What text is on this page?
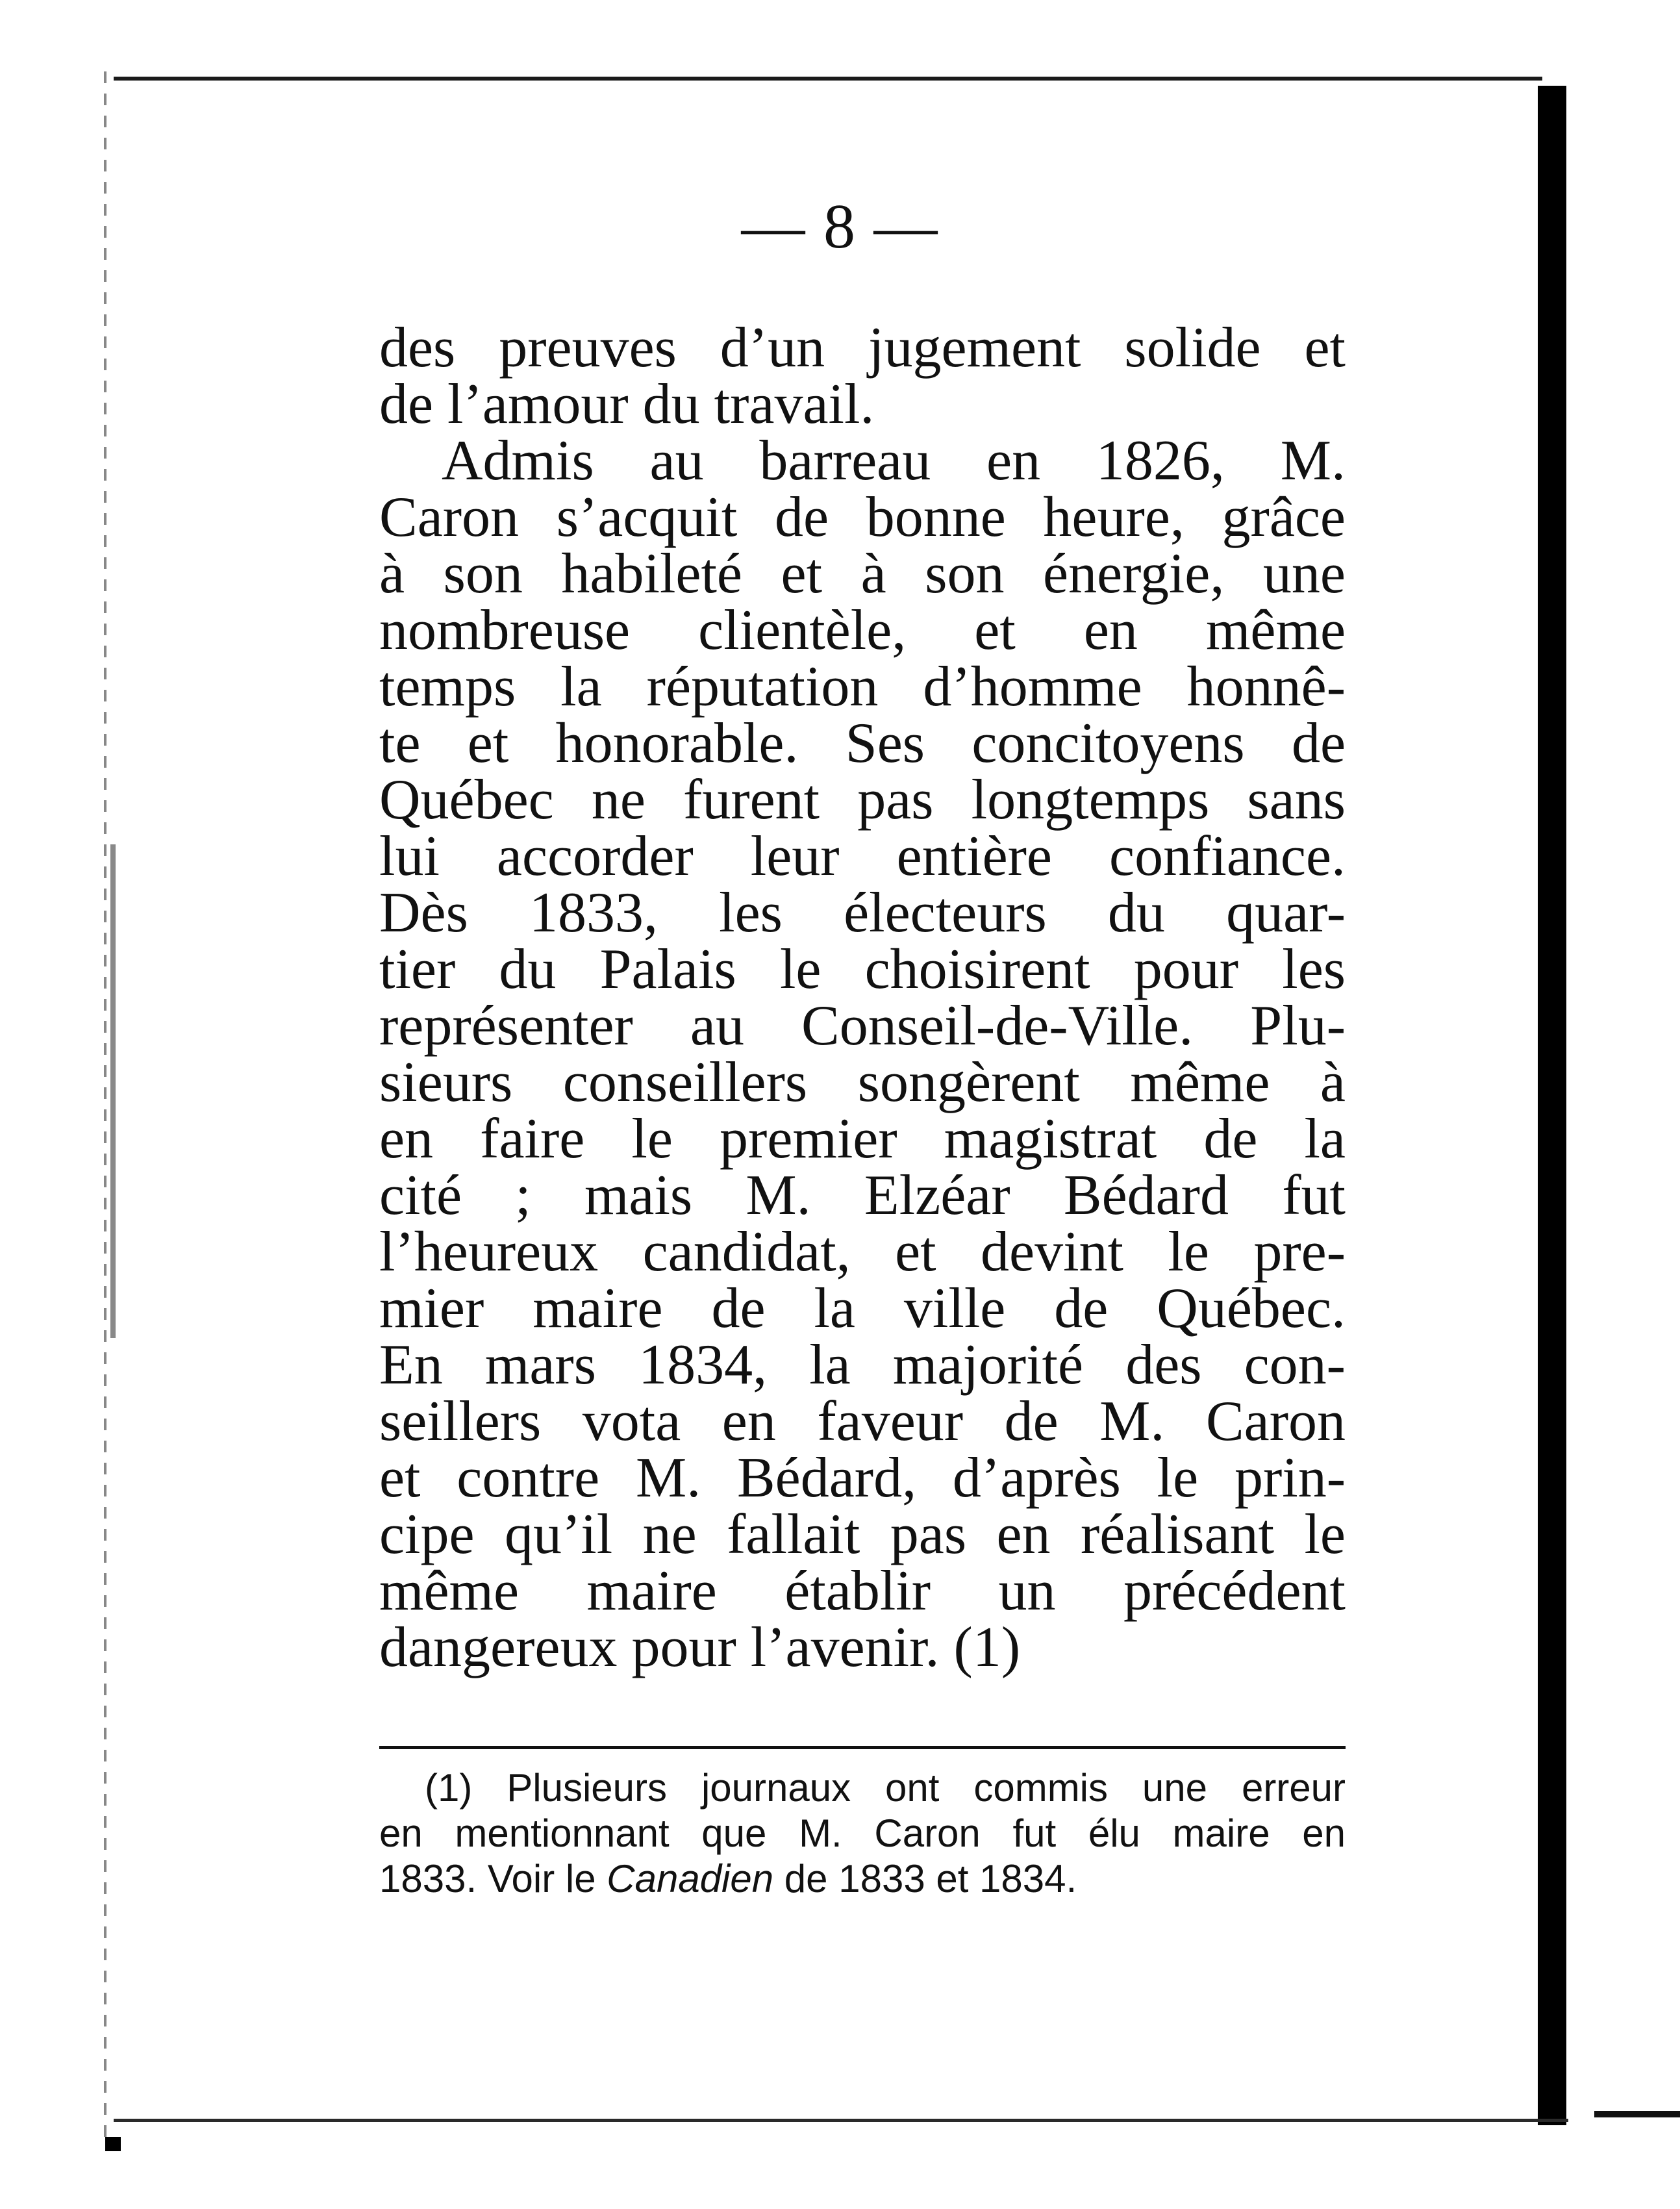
— 8 —
des preuves d’un jugement solide et
de l’amour du travail.
Admis au barreau en 1826, M.
Caron s’acquit de bonne heure, grâce
à son habileté et à son énergie, une
nombreuse clientèle, et en même
temps la réputation d’homme honnê-
te et honorable. Ses concitoyens de
Québec ne furent pas longtemps sans
lui accorder leur entière confiance.
Dès 1833, les électeurs du quar-
tier du Palais le choisirent pour les
représenter au Conseil-de-Ville. Plu-
sieurs conseillers songèrent même à
en faire le premier magistrat de la
cité ; mais M. Elzéar Bédard fut
l’heureux candidat, et devint le pre-
mier maire de la ville de Québec.
En mars 1834, la majorité des con-
seillers vota en faveur de M. Caron
et contre M. Bédard, d’après le prin-
cipe qu’il ne fallait pas en réalisant le
même maire établir un précédent
dangereux pour l’avenir. (1)
(1) Plusieurs journaux ont commis une erreur
en mentionnant que M. Caron fut élu maire en
1833. Voir le Canadien de 1833 et 1834.
